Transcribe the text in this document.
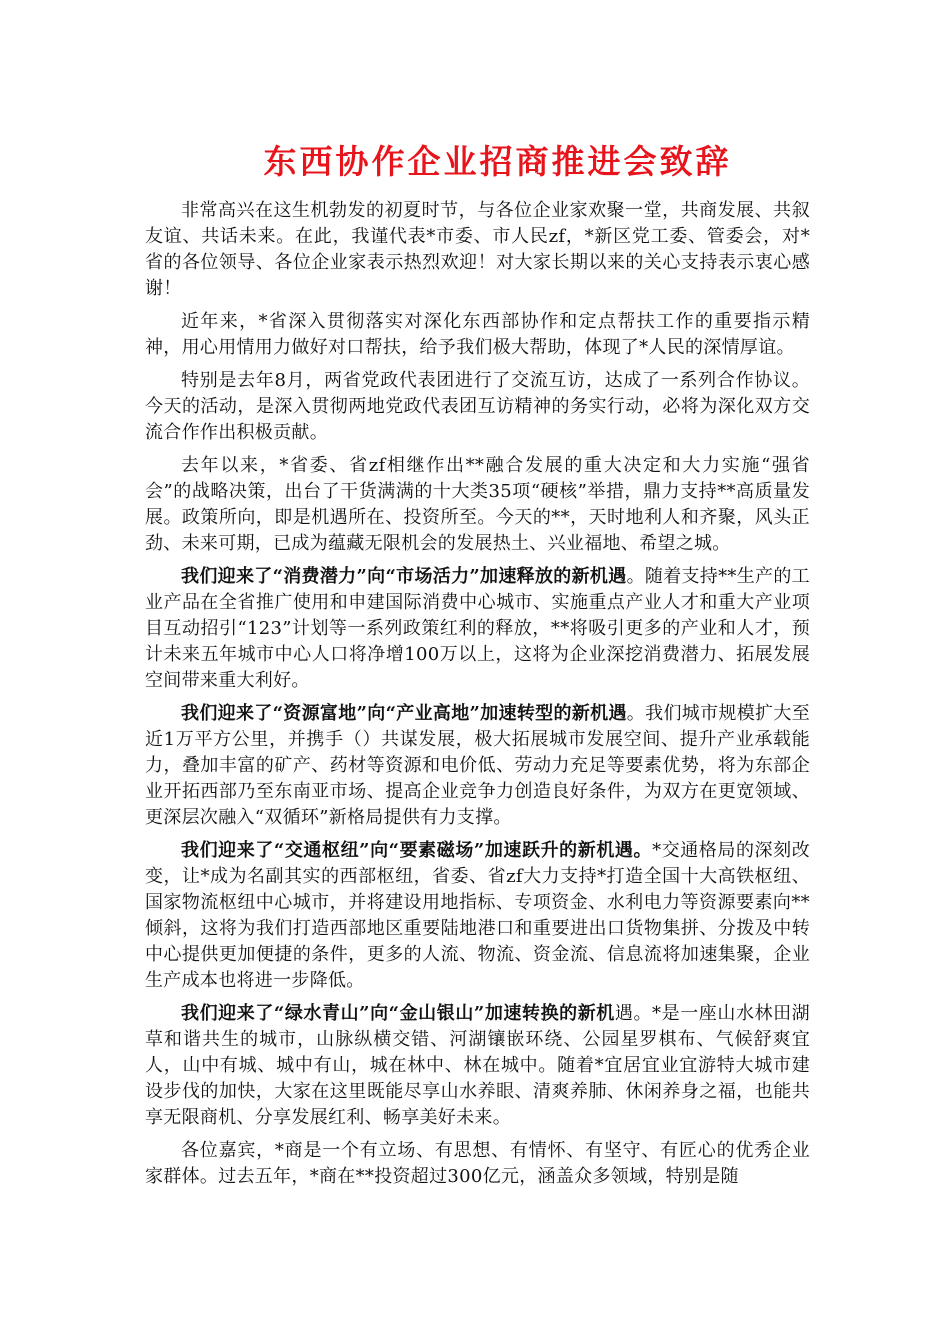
东西协作企业招商推进会致辞

非常高兴在这生机勃发的初夏时节，与各位企业家欢聚一堂，共商发展、共叙友谊、共话未来。在此，我谨代表*市委、市人民zf，*新区党工委、管委会，对*省的各位领导、各位企业家表示热烈欢迎！对大家长期以来的关心支持表示衷心感谢！

近年来，*省深入贯彻落实对深化东西部协作和定点帮扶工作的重要指示精神，用心用情用力做好对口帮扶，给予我们极大帮助，体现了*人民的深情厚谊。

特别是去年8月，两省党政代表团进行了交流互访，达成了一系列合作协议。今天的活动，是深入贯彻两地党政代表团互访精神的务实行动，必将为深化双方交流合作作出积极贡献。

去年以来，*省委、省zf相继作出**融合发展的重大决定和大力实施“强省会”的战略决策，出台了干货满满的十大类35项“硬核”举措，鼎力支持**高质量发展。政策所向，即是机遇所在、投资所至。今天的**，天时地利人和齐聚，风头正劲、未来可期，已成为蕴藏无限机会的发展热土、兴业福地、希望之城。

我们迎来了“消费潜力”向“市场活力”加速释放的新机遇。随着支持**生产的工业产品在全省推广使用和申建国际消费中心城市、实施重点产业人才和重大产业项目互动招引“123”计划等一系列政策红利的释放，**将吸引更多的产业和人才，预计未来五年城市中心人口将净增100万以上，这将为企业深挖消费潜力、拓展发展空间带来重大利好。

我们迎来了“资源富地”向“产业高地”加速转型的新机遇。我们城市规模扩大至近1万平方公里，并携手（）共谋发展，极大拓展城市发展空间、提升产业承载能力，叠加丰富的矿产、药材等资源和电价低、劳动力充足等要素优势，将为东部企业开拓西部乃至东南亚市场、提高企业竞争力创造良好条件，为双方在更宽领域、更深层次融入“双循环”新格局提供有力支撑。

我们迎来了“交通枢纽”向“要素磁场”加速跃升的新机遇。*交通格局的深刻改变，让*成为名副其实的西部枢纽，省委、省zf大力支持*打造全国十大高铁枢纽、国家物流枢纽中心城市，并将建设用地指标、专项资金、水利电力等资源要素向**倾斜，这将为我们打造西部地区重要陆地港口和重要进出口货物集拼、分拨及中转中心提供更加便捷的条件，更多的人流、物流、资金流、信息流将加速集聚，企业生产成本也将进一步降低。

我们迎来了“绿水青山”向“金山银山”加速转换的新机遇。*是一座山水林田湖草和谐共生的城市，山脉纵横交错、河湖镶嵌环绕、公园星罗棋布、气候舒爽宜人，山中有城、城中有山，城在林中、林在城中。随着*宜居宜业宜游特大城市建设步伐的加快，大家在这里既能尽享山水养眼、清爽养肺、休闲养身之福，也能共享无限商机、分享发展红利、畅享美好未来。

各位嘉宾，*商是一个有立场、有思想、有情怀、有坚守、有匠心的优秀企业家群体。过去五年，*商在**投资超过300亿元，涵盖众多领域，特别是随
